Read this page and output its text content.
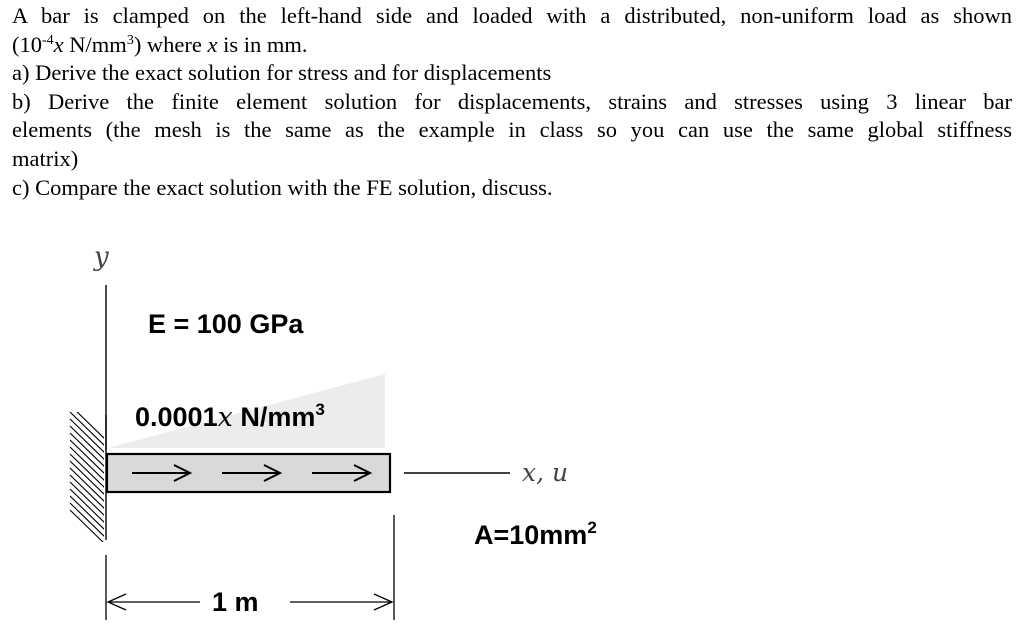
A bar is clamped on the left-hand side and loaded with a distributed, non-uniform load as shown
($10^{-4}x$ $N/mm^3$) where x is in mm.
a) Derive the exact solution for stress and for displacements
b) Derive the finite element solution for displacements, strains and stresses using 3 linear bar
elements (the mesh is the same as the example in class so you can use the same global stiffness
matrix)
c) Compare the exact solution with the FE solution, discuss.
y
E = 100 GPa
0.0001x $N/mm^3$
x, u
$A=10mm^2$
1 m
